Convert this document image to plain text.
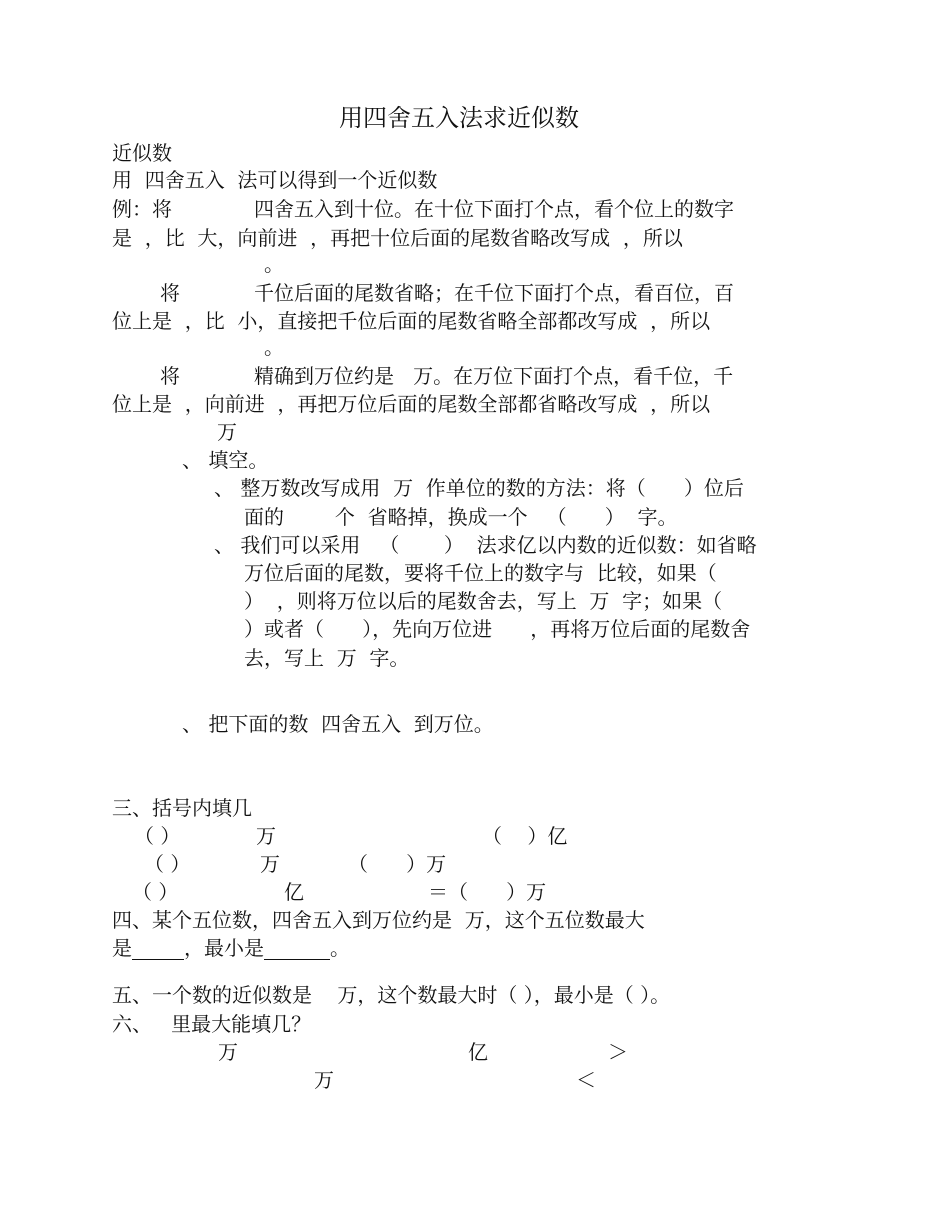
用四舍五入法求近似数
近似数
用  四舍五入  法可以得到一个近似数
例：将	四舍五入到十位。在十位下面打个点，看个位上的数字
是  ，比  大，向前进  ，再把十位后面的尾数省略改写成  ，所以
。
将	千位后面的尾数省略；在千位下面打个点，看百位，百
位上是  ，比  小，直接把千位后面的尾数省略全部都改写成  ，所以
。
将	精确到万位约是   万。在万位下面打个点，看千位，千
位上是  ，向前进  ，再把万位后面的尾数全部都省略改写成  ，所以
万
、 填空。
、 整万数改写成用  万  作单位的数的方法：将（      ）位后
面的        个  省略掉，换成一个   （      ）  字。
、 我们可以采用   （       ）  法求亿以内数的近似数：如省略
万位后面的尾数，要将千位上的数字与  比较，如果（
）  ，则将万位以后的尾数舍去，写上  万  字；如果（
）或者（      ），先向万位进      ，再将万位后面的尾数舍
去，写上  万  字。
、 把下面的数  四舍五入  到万位。
三、括号内填几
（ ）	万	（    ）亿
（ ）	万	（      ）万
（ ）	亿	＝（      ）万
四、某个五位数，四舍五入到万位约是  万，这个五位数最大
是	，最小是	。
五、一个数的近似数是    万，这个数最大时（ ），最小是（ ）。
六、   里最大能填几？
万	亿	＞
万	＜
